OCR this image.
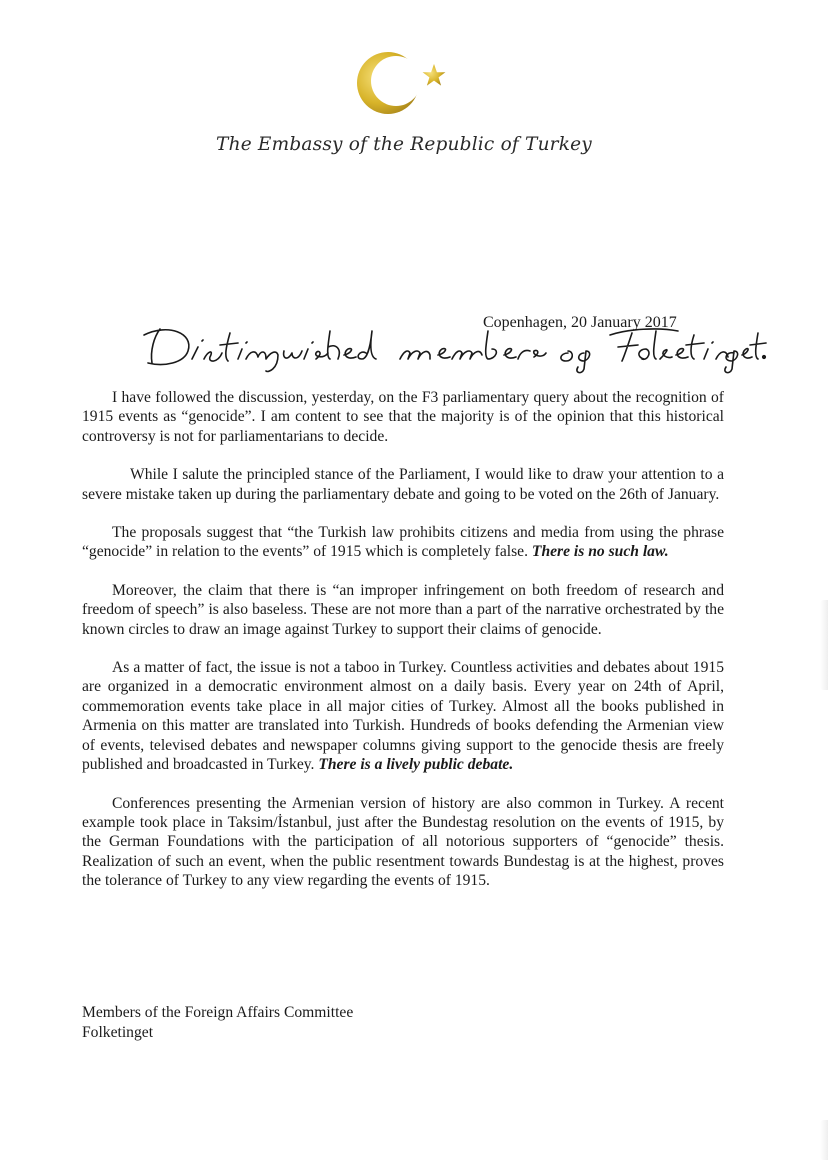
The Embassy of the Republic of Turkey
Copenhagen, 20 January 2017

I have followed the discussion, yesterday, on the F3 parliamentary query about the recognition of 1915 events as “genocide”. I am content to see that the majority is of the opinion that this historical controversy is not for parliamentarians to decide.

While I salute the principled stance of the Parliament, I would like to draw your attention to a severe mistake taken up during the parliamentary debate and going to be voted on the 26th of January.

The proposals suggest that “the Turkish law prohibits citizens and media from using the phrase “genocide” in relation to the events” of 1915 which is completely false. There is no such law.

Moreover, the claim that there is “an improper infringement on both freedom of research and freedom of speech” is also baseless. These are not more than a part of the narrative orchestrated by the known circles to draw an image against Turkey to support their claims of genocide.

As a matter of fact, the issue is not a taboo in Turkey. Countless activities and debates about 1915 are organized in a democratic environment almost on a daily basis. Every year on 24th of April, commemoration events take place in all major cities of Turkey. Almost all the books published in Armenia on this matter are translated into Turkish. Hundreds of books defending the Armenian view of events, televised debates and newspaper columns giving support to the genocide thesis are freely published and broadcasted in Turkey. There is a lively public debate.

Conferences presenting the Armenian version of history are also common in Turkey. A recent example took place in Taksim/İstanbul, just after the Bundestag resolution on the events of 1915, by the German Foundations with the participation of all notorious supporters of “genocide” thesis. Realization of such an event, when the public resentment towards Bundestag is at the highest, proves the tolerance of Turkey to any view regarding the events of 1915.

Members of the Foreign Affairs Committee
Folketinget
